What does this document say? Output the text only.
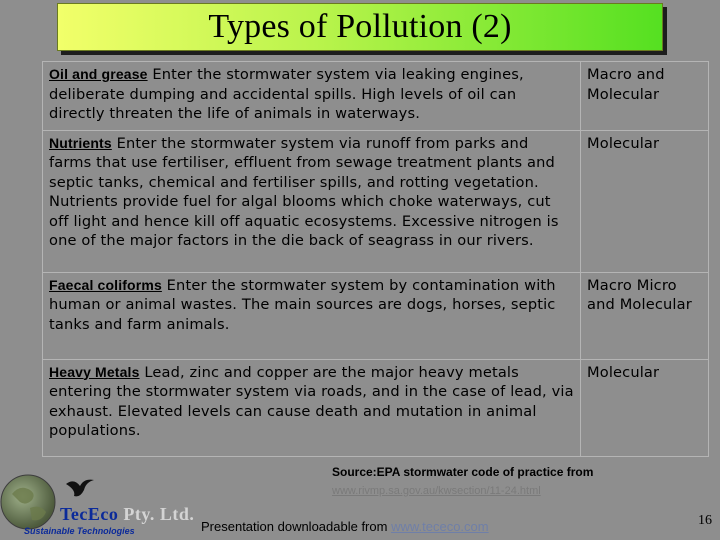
Types of Pollution (2)
Oil and grease Enter the stormwater system via leaking engines, deliberate dumping and accidental spills. High levels of oil can directly threaten the life of animals in waterways.	Macro and Molecular
Nutrients Enter the stormwater system via runoff from parks and farms that use fertiliser, effluent from sewage treatment plants and septic tanks, chemical and fertiliser spills, and rotting vegetation. Nutrients provide fuel for algal blooms which choke waterways, cut off light and hence kill off aquatic ecosystems. Excessive nitrogen is one of the major factors in the die back of seagrass in our rivers.	Molecular
Faecal coliforms Enter the stormwater system by contamination with human or animal wastes. The main sources are dogs, horses, septic tanks and farm animals.	Macro Micro and Molecular
Heavy Metals Lead, zinc and copper are the major heavy metals entering the stormwater system via roads, and in the case of lead, via exhaust. Elevated levels can cause death and mutation in animal populations.	Molecular
Source:EPA stormwater code of practice from
www.rivmp.sa.gov.au/kwsection/11-24.html
TecEco Pty. Ltd.
Sustainable Technologies	Presentation downloadable from www.tececo.com	16
